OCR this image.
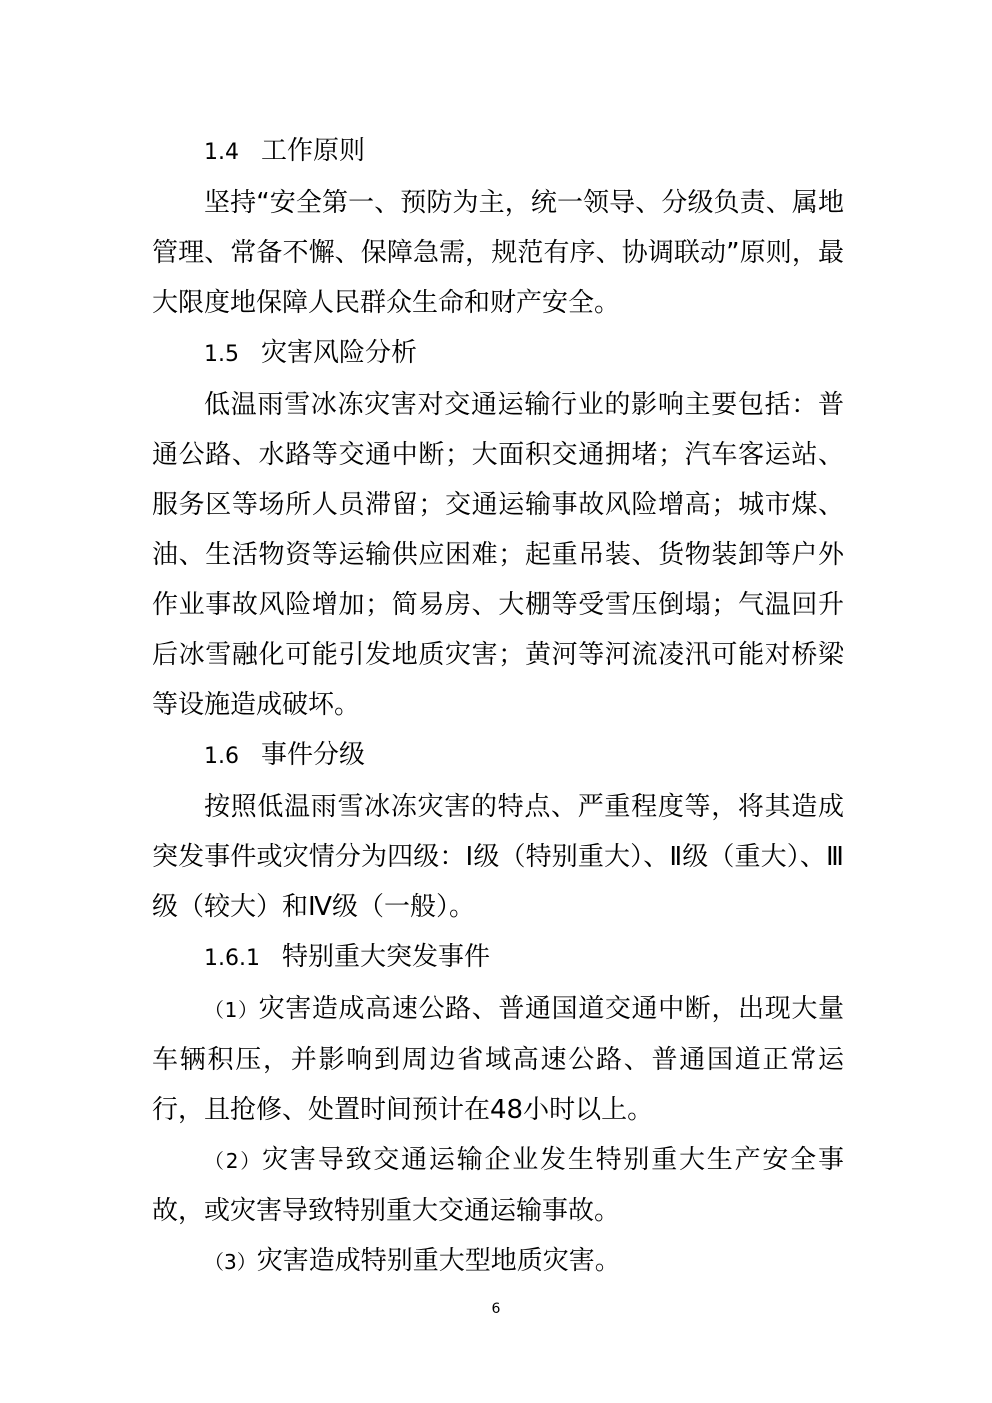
1.4 工作原则

坚持“安全第一、预防为主，统一领导、分级负责、属地管理、常备不懈、保障急需，规范有序、协调联动”原则，最大限度地保障人民群众生命和财产安全。

1.5 灾害风险分析

低温雨雪冰冻灾害对交通运输行业的影响主要包括：普通公路、水路等交通中断；大面积交通拥堵；汽车客运站、服务区等场所人员滞留；交通运输事故风险增高；城市煤、油、生活物资等运输供应困难；起重吊装、货物装卸等户外作业事故风险增加；简易房、大棚等受雪压倒塌；气温回升后冰雪融化可能引发地质灾害；黄河等河流凌汛可能对桥梁等设施造成破坏。

1.6 事件分级

按照低温雨雪冰冻灾害的特点、严重程度等，将其造成突发事件或灾情分为四级：Ⅰ级（特别重大）、Ⅱ级（重大）、Ⅲ级（较大）和Ⅳ级（一般）。

1.6.1 特别重大突发事件

（1）灾害造成高速公路、普通国道交通中断，出现大量车辆积压，并影响到周边省域高速公路、普通国道正常运行，且抢修、处置时间预计在48小时以上。

（2）灾害导致交通运输企业发生特别重大生产安全事故，或灾害导致特别重大交通运输事故。

（3）灾害造成特别重大型地质灾害。

6
